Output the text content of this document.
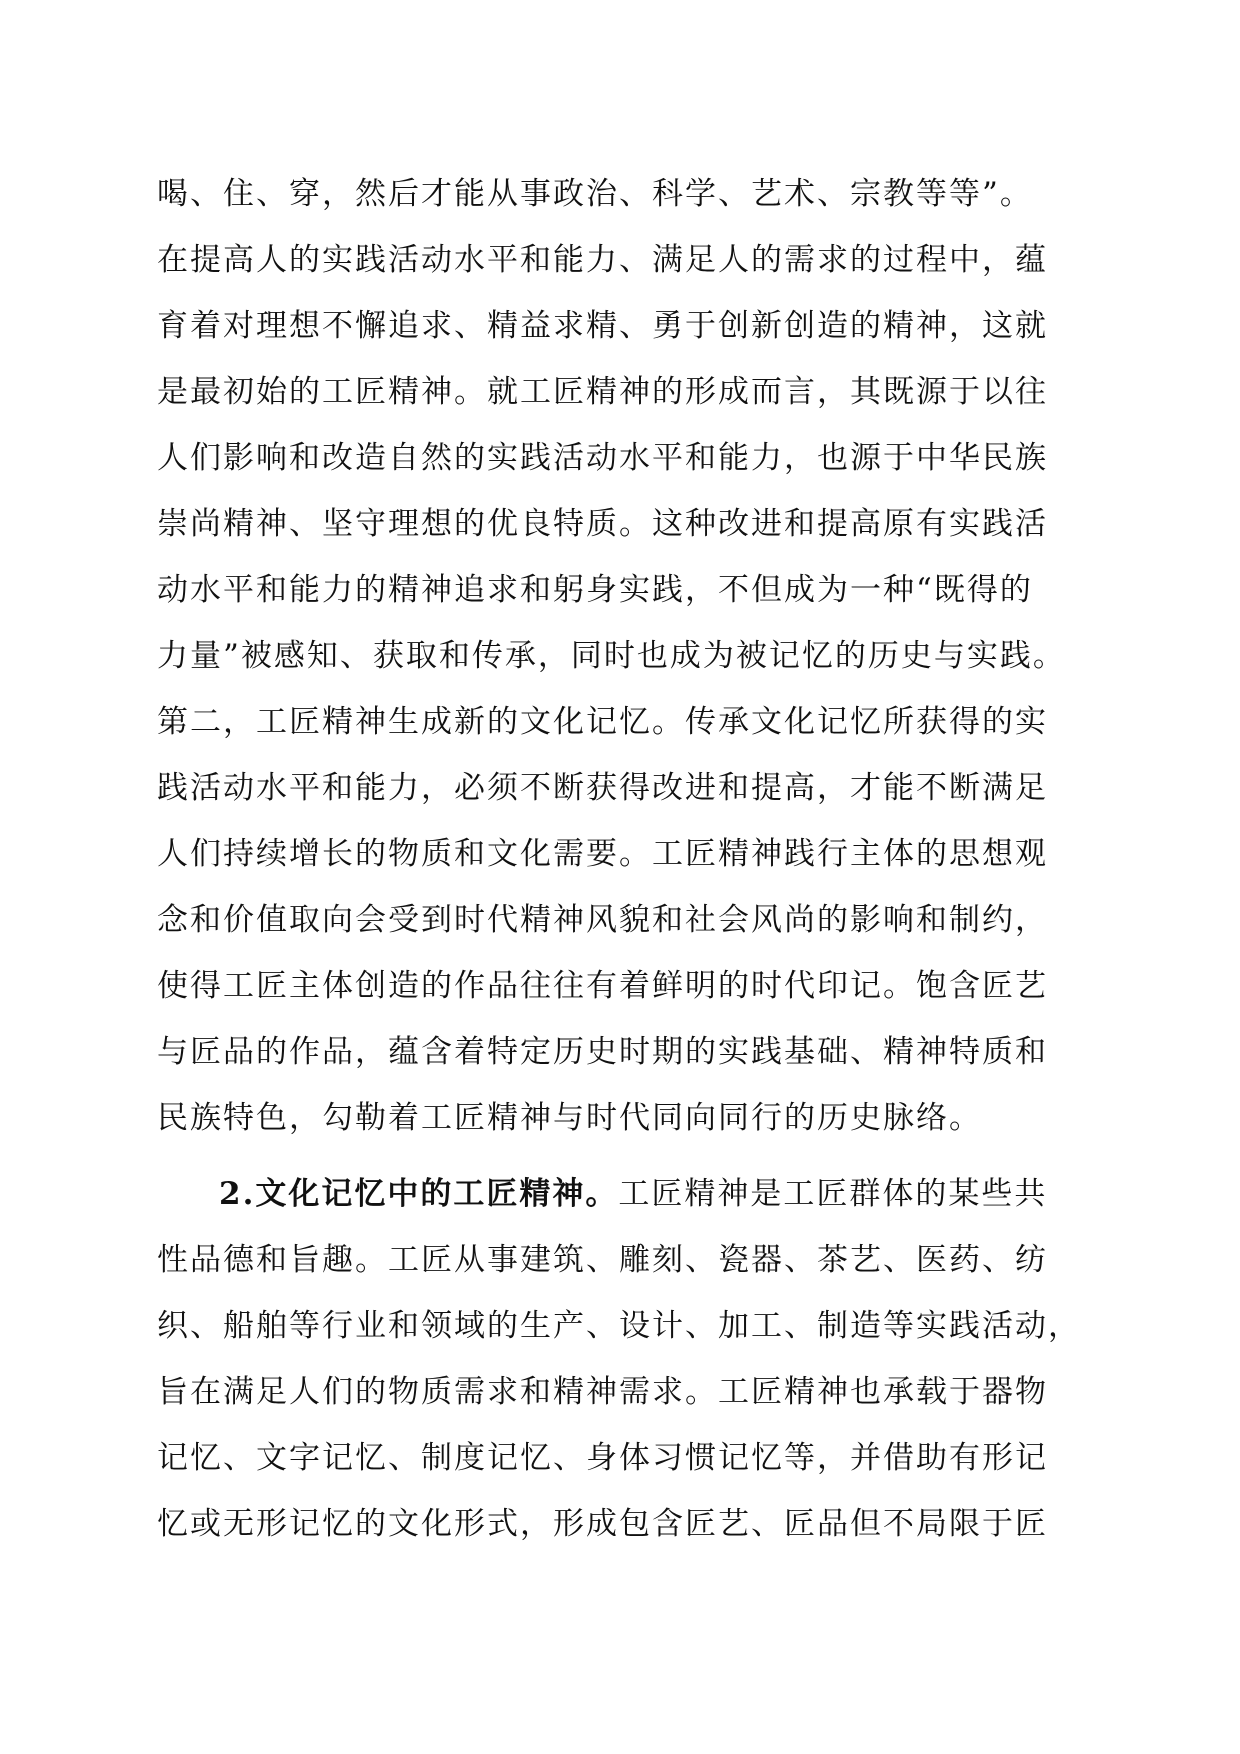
喝、住、穿，然后才能从事政治、科学、艺术、宗教等等”。
在提高人的实践活动水平和能力、满足人的需求的过程中，蕴
育着对理想不懈追求、精益求精、勇于创新创造的精神，这就
是最初始的工匠精神。就工匠精神的形成而言，其既源于以往
人们影响和改造自然的实践活动水平和能力，也源于中华民族
崇尚精神、坚守理想的优良特质。这种改进和提高原有实践活
动水平和能力的精神追求和躬身实践，不但成为一种“既得的
力量”被感知、获取和传承，同时也成为被记忆的历史与实践。
第二，工匠精神生成新的文化记忆。传承文化记忆所获得的实
践活动水平和能力，必须不断获得改进和提高，才能不断满足
人们持续增长的物质和文化需要。工匠精神践行主体的思想观
念和价值取向会受到时代精神风貌和社会风尚的影响和制约，
使得工匠主体创造的作品往往有着鲜明的时代印记。饱含匠艺
与匠品的作品，蕴含着特定历史时期的实践基础、精神特质和
民族特色，勾勒着工匠精神与时代同向同行的历史脉络。
2.文化记忆中的工匠精神。工匠精神是工匠群体的某些共
性品德和旨趣。工匠从事建筑、雕刻、瓷器、茶艺、医药、纺
织、船舶等行业和领域的生产、设计、加工、制造等实践活动，
旨在满足人们的物质需求和精神需求。工匠精神也承载于器物
记忆、文字记忆、制度记忆、身体习惯记忆等，并借助有形记
忆或无形记忆的文化形式，形成包含匠艺、匠品但不局限于匠
